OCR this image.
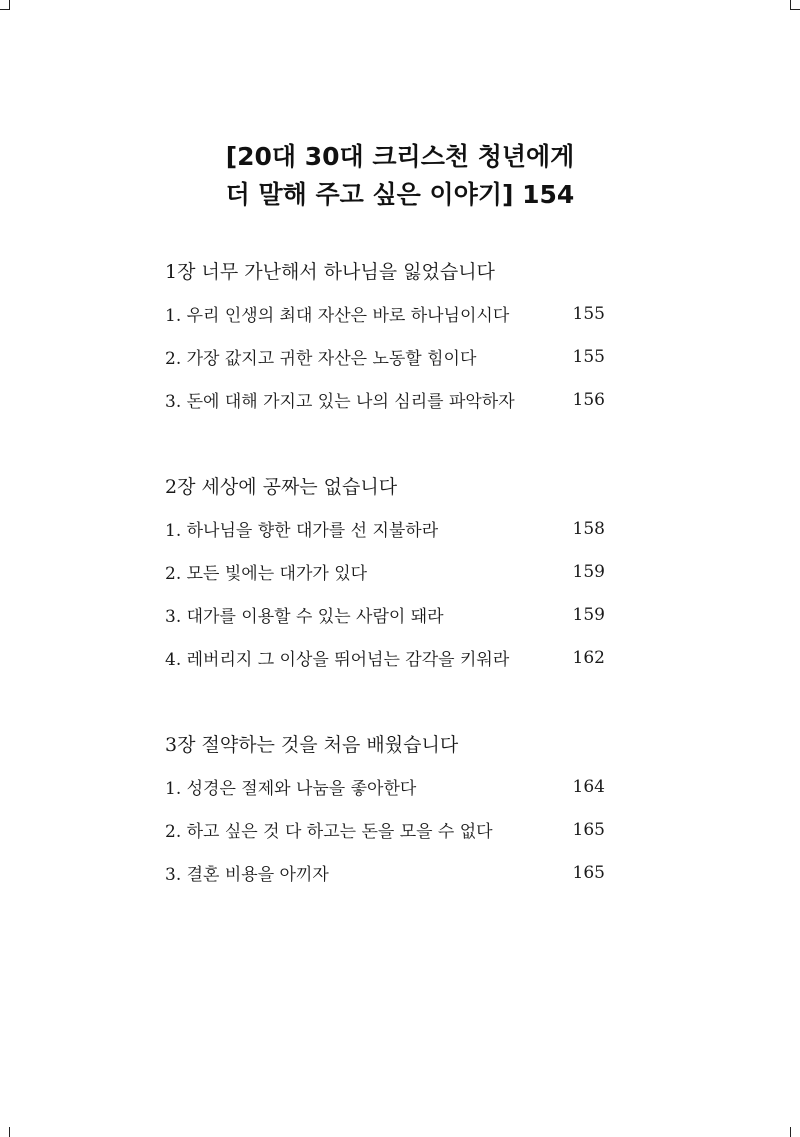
[20대 30대 크리스천 청년에게
더 말해 주고 싶은 이야기] 154
1장 너무 가난해서 하나님을 잃었습니다
1. 우리 인생의 최대 자산은 바로 하나님이시다	155
2. 가장 값지고 귀한 자산은 노동할 힘이다	155
3. 돈에 대해 가지고 있는 나의 심리를 파악하자	156
2장 세상에 공짜는 없습니다
1. 하나님을 향한 대가를 선 지불하라	158
2. 모든 빛에는 대가가 있다	159
3. 대가를 이용할 수 있는 사람이 돼라	159
4. 레버리지 그 이상을 뛰어넘는 감각을 키워라	162
3장 절약하는 것을 처음 배웠습니다
1. 성경은 절제와 나눔을 좋아한다	164
2. 하고 싶은 것 다 하고는 돈을 모을 수 없다	165
3. 결혼 비용을 아끼자	165
